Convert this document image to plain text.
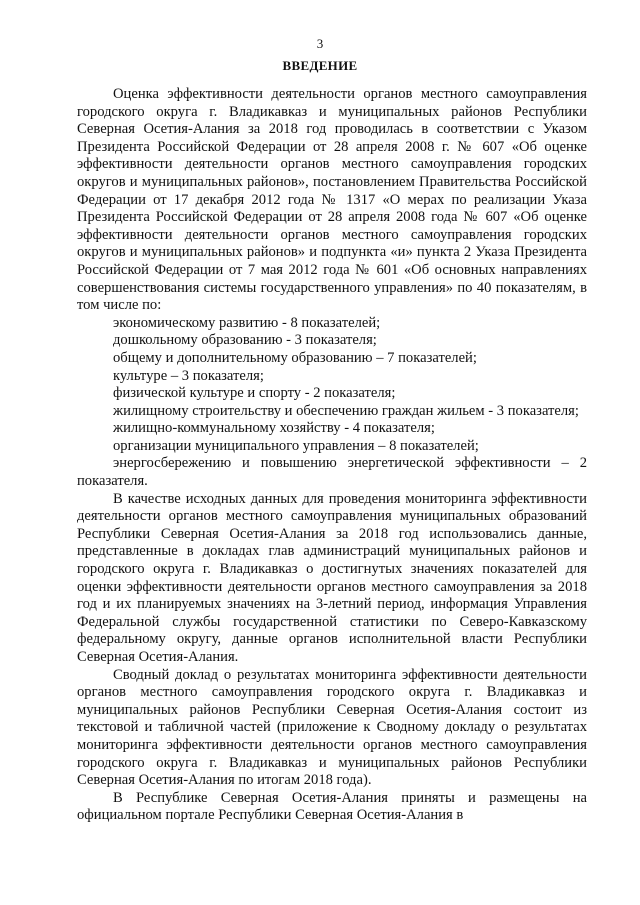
3
ВВЕДЕНИЕ

Оценка эффективности деятельности органов местного самоуправления городского округа г. Владикавказ и муниципальных районов Республики Северная Осетия-Алания за 2018 год проводилась в соответствии с Указом Президента Российской Федерации от 28 апреля 2008 г. № 607 «Об оценке эффективности деятельности органов местного самоуправления городских округов и муниципальных районов», постановлением Правительства Российской Федерации от 17 декабря 2012 года № 1317 «О мерах по реализации Указа Президента Российской Федерации от 28 апреля 2008 года № 607 «Об оценке эффективности деятельности органов местного самоуправления городских округов и муниципальных районов» и подпункта «и» пункта 2 Указа Президента Российской Федерации от 7 мая 2012 года № 601 «Об основных направлениях совершенствования системы государственного управления» по 40 показателям, в том числе по:

экономическому развитию - 8 показателей;
дошкольному образованию - 3 показателя;
общему и дополнительному образованию – 7 показателей;
культуре – 3 показателя;
физической культуре и спорту - 2 показателя;
жилищному строительству и обеспечению граждан жильем - 3 показателя;
жилищно-коммунальному хозяйству - 4 показателя;
организации муниципального управления – 8 показателей;
энергосбережению и повышению энергетической эффективности – 2 показателя.

В качестве исходных данных для проведения мониторинга эффективности деятельности органов местного самоуправления муниципальных образований Республики Северная Осетия-Алания за 2018 год использовались данные, представленные в докладах глав администраций муниципальных районов и городского округа г. Владикавказ о достигнутых значениях показателей для оценки эффективности деятельности органов местного самоуправления за 2018 год и их планируемых значениях на 3-летний период, информация Управления Федеральной службы государственной статистики по Северо-Кавказскому федеральному округу, данные органов исполнительной власти Республики Северная Осетия-Алания.

Сводный доклад о результатах мониторинга эффективности деятельности органов местного самоуправления городского округа г. Владикавказ и муниципальных районов Республики Северная Осетия-Алания состоит из текстовой и табличной частей (приложение к Сводному докладу о результатах мониторинга эффективности деятельности органов местного самоуправления городского округа г. Владикавказ и муниципальных районов Республики Северная Осетия-Алания по итогам 2018 года).

В Республике Северная Осетия-Алания приняты и размещены на официальном портале Республики Северная Осетия-Алания в
